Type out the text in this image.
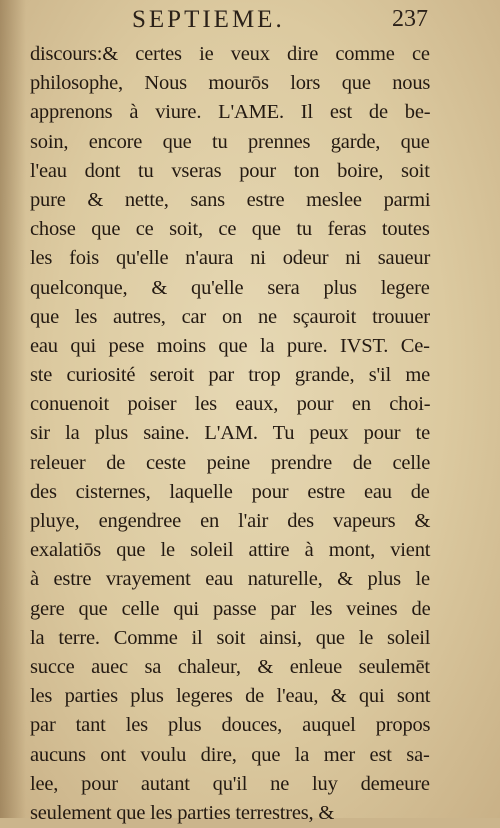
SEPTIEME.	237
discours:& certes ie veux dire comme ce
philosophe, Nous mourōs lors que nous
apprenons à viure. L'AME. Il est de be-
soin, encore que tu prennes garde, que
l'eau dont tu vseras pour ton boire, soit
pure & nette, sans estre meslee parmi
chose que ce soit, ce que tu feras toutes
les fois qu'elle n'aura ni odeur ni saueur
quelconque, & qu'elle sera plus legere
que les autres, car on ne sçauroit trouuer
eau qui pese moins que la pure. IVST. Ce-
ste curiosité seroit par trop grande, s'il me
conuenoit poiser les eaux, pour en choi-
sir la plus saine. L'AM. Tu peux pour te
releuer de ceste peine prendre de celle
des cisternes, laquelle pour estre eau de
pluye, engendree en l'air des vapeurs &
exalatiōs que le soleil attire à mont, vient
à estre vrayement eau naturelle, & plus le
gere que celle qui passe par les veines de
la terre. Comme il soit ainsi, que le soleil
succe auec sa chaleur, & enleue seulemēt
les parties plus legeres de l'eau, & qui sont
par tant les plus douces, auquel propos
aucuns ont voulu dire, que la mer est sa-
lee, pour autant qu'il ne luy demeure
seulement que les parties terrestres, &
